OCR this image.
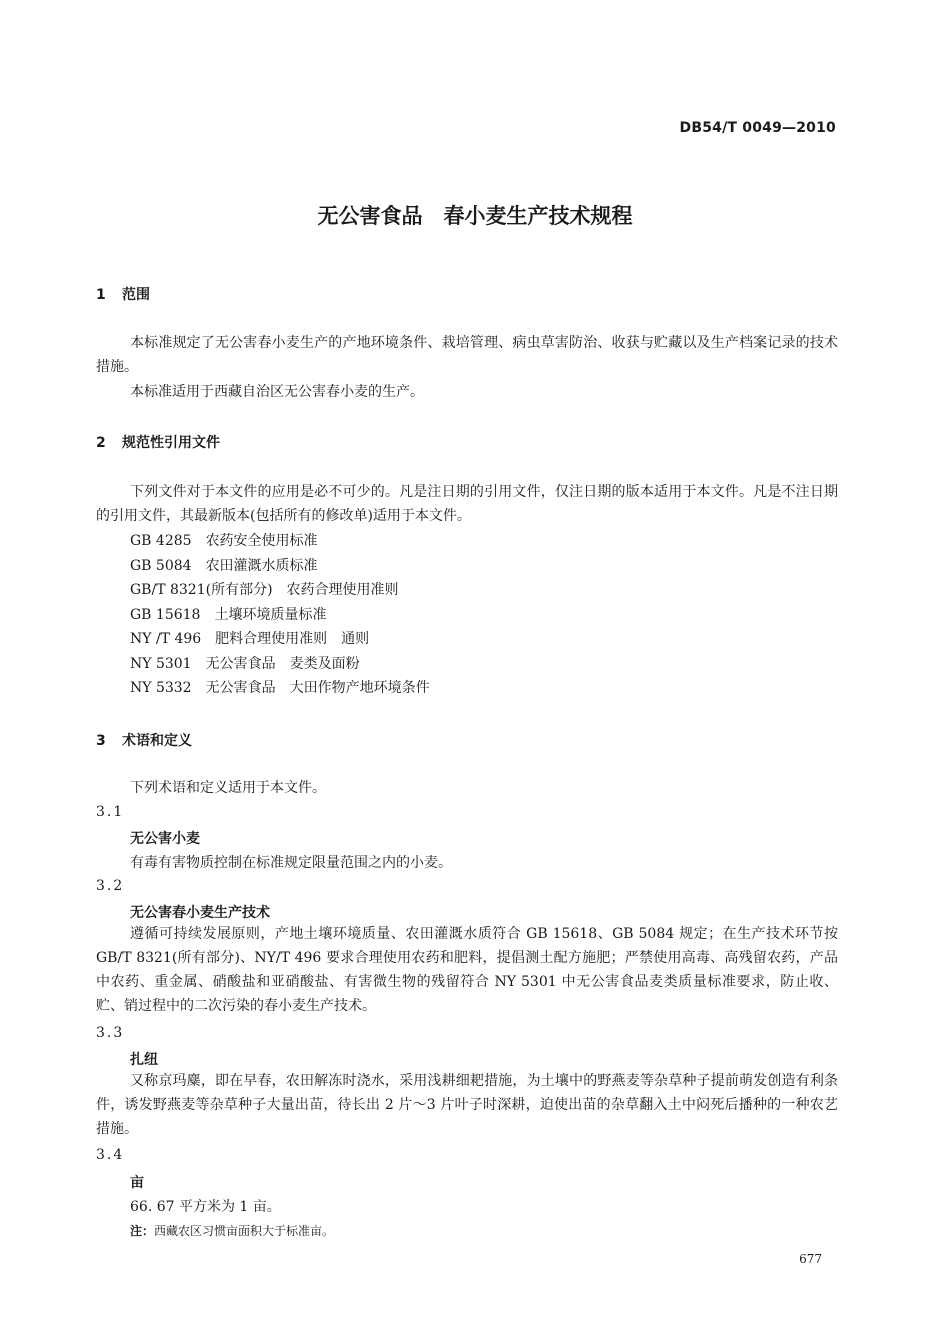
DB54/T 0049—2010
无公害食品　春小麦生产技术规程
1 范围
本标准规定了无公害春小麦生产的产地环境条件、栽培管理、病虫草害防治、收获与贮藏以及生产档案记录的技术措施。
本标准适用于西藏自治区无公害春小麦的生产。
2 规范性引用文件
下列文件对于本文件的应用是必不可少的。凡是注日期的引用文件，仅注日期的版本适用于本文件。凡是不注日期的引用文件，其最新版本(包括所有的修改单)适用于本文件。
GB 4285 农药安全使用标准
GB 5084 农田灌溉水质标准
GB/T 8321(所有部分) 农药合理使用准则
GB 15618 土壤环境质量标准
NY /T 496 肥料合理使用准则　通则
NY 5301 无公害食品　麦类及面粉
NY 5332 无公害食品　大田作物产地环境条件
3 术语和定义
下列术语和定义适用于本文件。
3.1
无公害小麦
有毒有害物质控制在标准规定限量范围之内的小麦。
3.2
无公害春小麦生产技术
遵循可持续发展原则，产地土壤环境质量、农田灌溉水质符合 GB 15618、GB 5084 规定；在生产技术环节按 GB/T 8321(所有部分)、NY/T 496 要求合理使用农药和肥料，提倡测土配方施肥；严禁使用高毒、高残留农药，产品中农药、重金属、硝酸盐和亚硝酸盐、有害微生物的残留符合 NY 5301 中无公害食品麦类质量标准要求，防止收、贮、销过程中的二次污染的春小麦生产技术。
3.3
扎纽
又称京玛麋，即在早春，农田解冻时浇水，采用浅耕细耙措施，为土壤中的野燕麦等杂草种子提前萌发创造有利条件，诱发野燕麦等杂草种子大量出苗，待长出 2 片～3 片叶子时深耕，迫使出苗的杂草翻入土中闷死后播种的一种农艺措施。
3.4
亩
66. 67 平方米为 1 亩。
注：西藏农区习惯亩面积大于标准亩。
677
